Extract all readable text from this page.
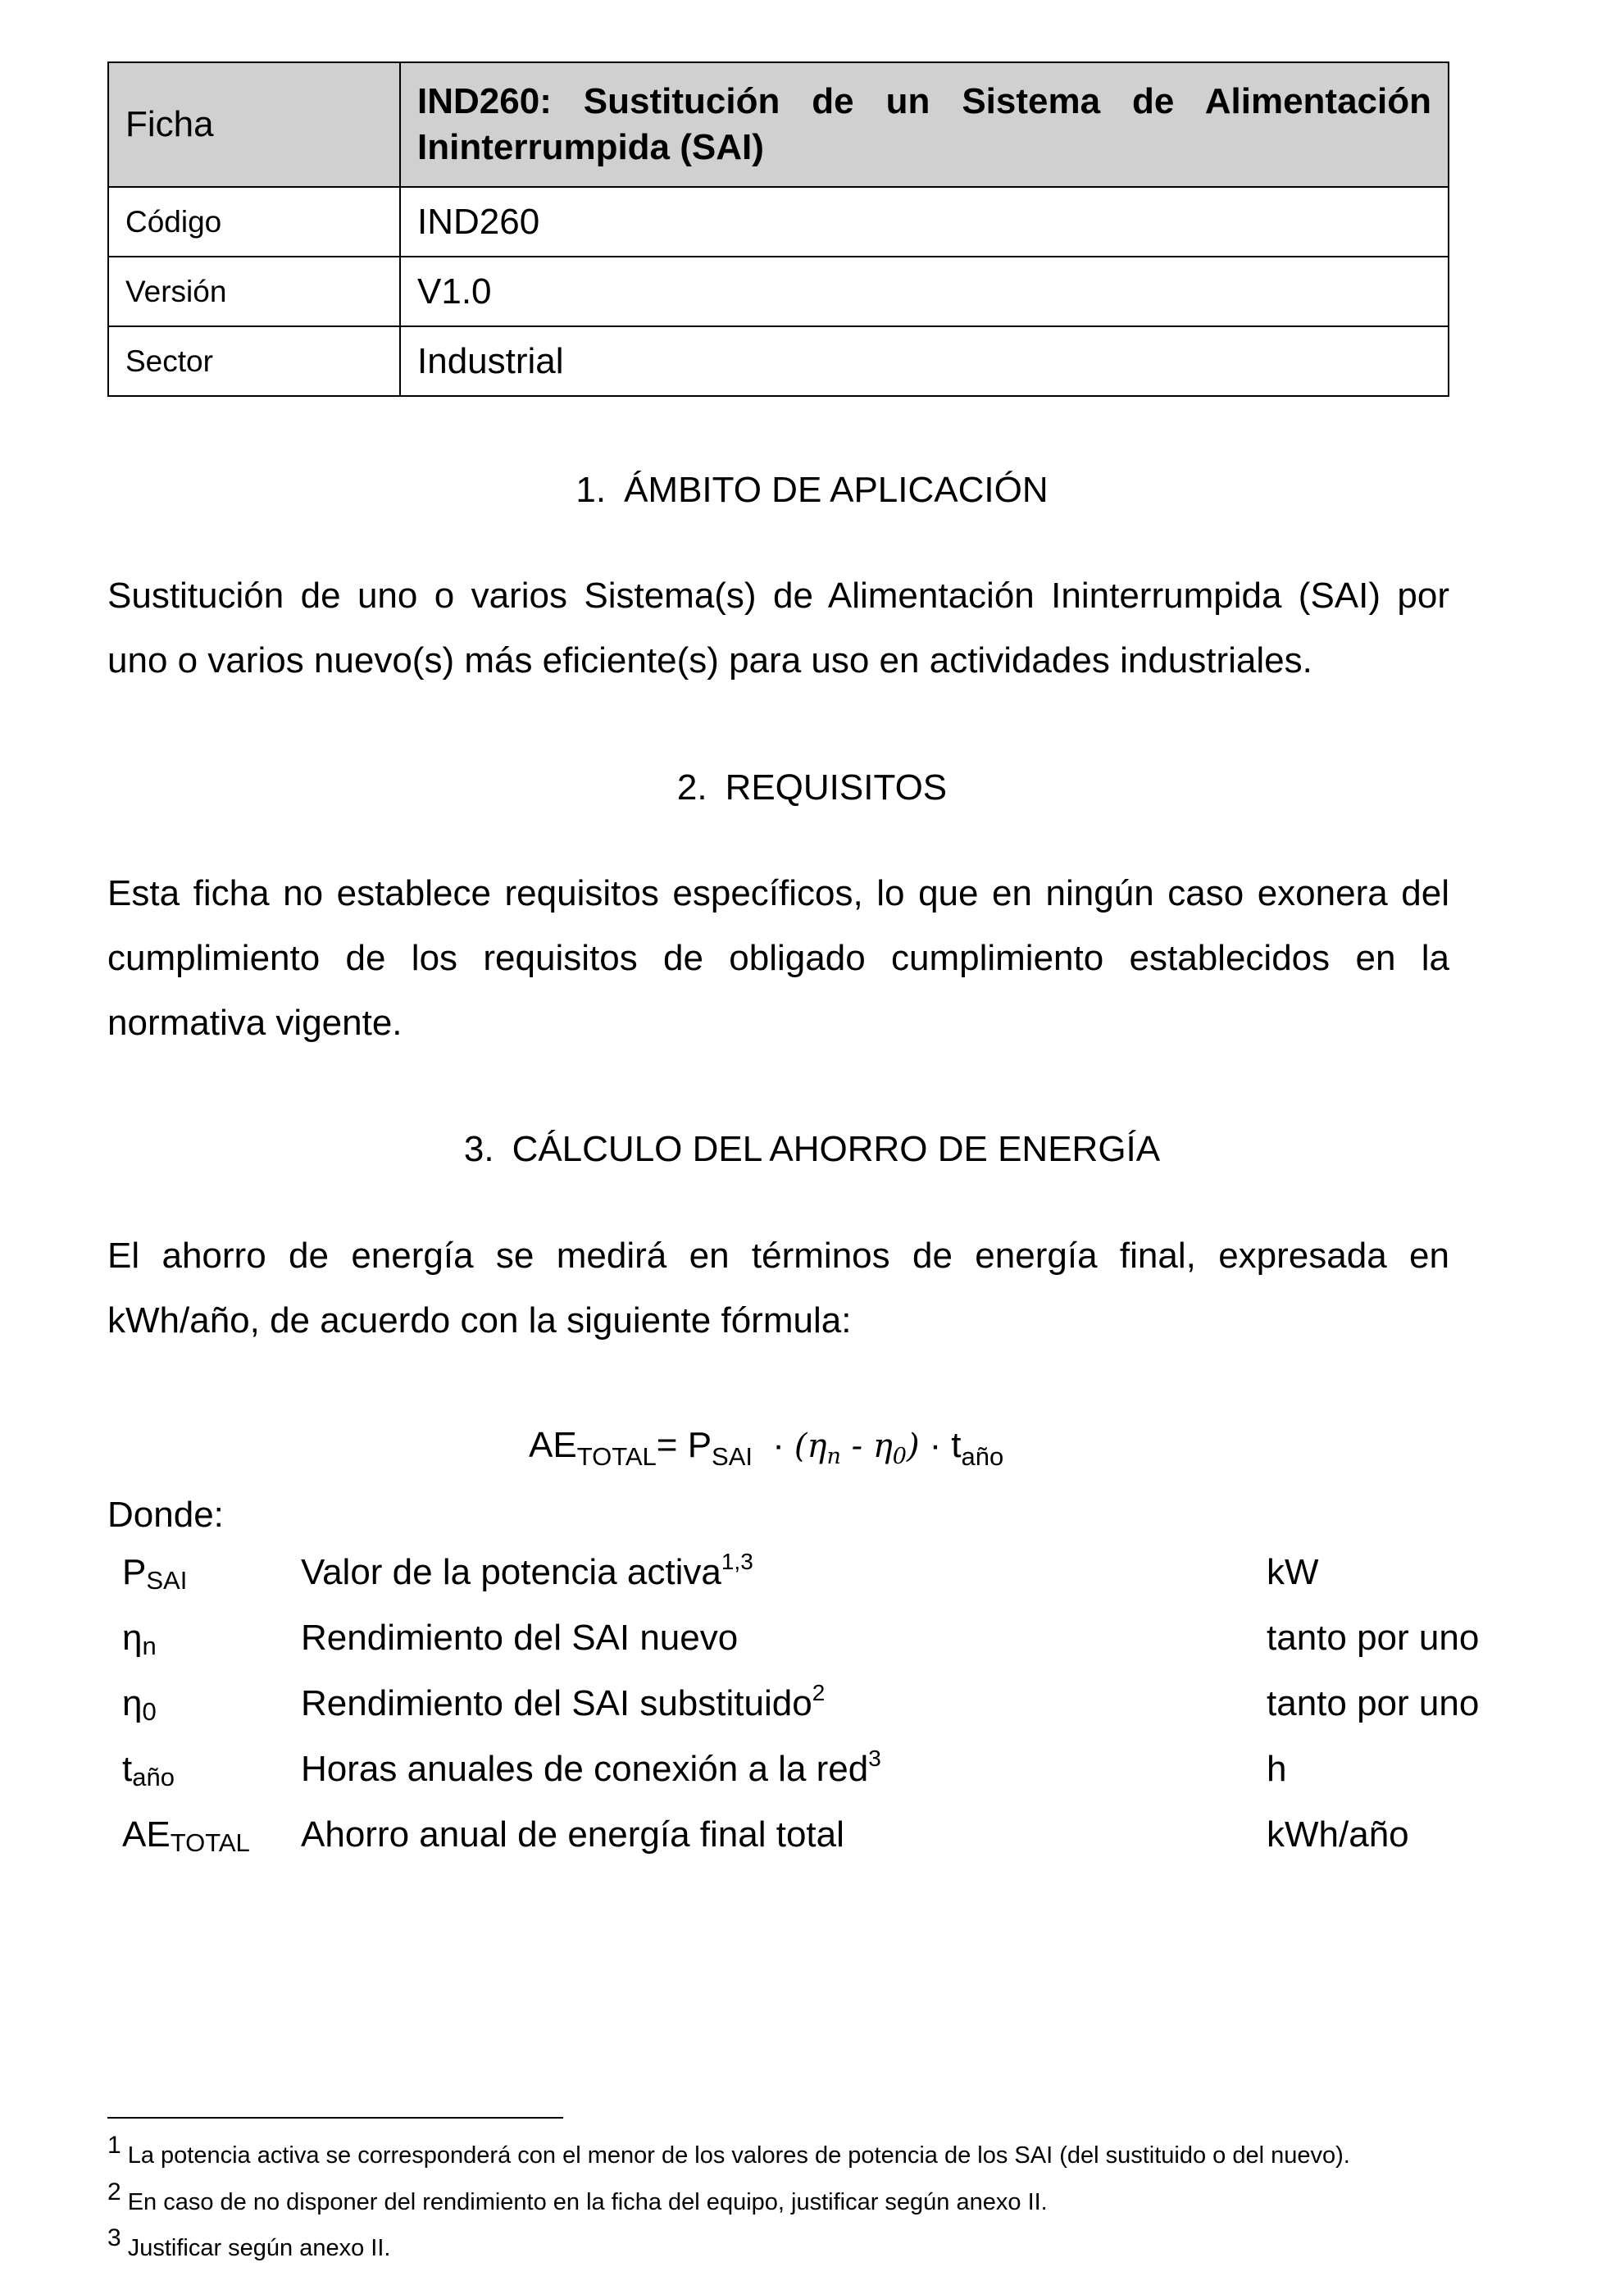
Ficha	IND260: Sustitución de un Sistema de Alimentación Ininterrumpida (SAI)
Código	IND260
Versión	V1.0
Sector	Industrial
1. ÁMBITO DE APLICACIÓN
Sustitución de uno o varios Sistema(s) de Alimentación Ininterrumpida (SAI) por uno o varios nuevo(s) más eficiente(s) para uso en actividades industriales.
2. REQUISITOS
Esta ficha no establece requisitos específicos, lo que en ningún caso exonera del cumplimiento de los requisitos de obligado cumplimiento establecidos en la normativa vigente.
3. CÁLCULO DEL AHORRO DE ENERGÍA
El ahorro de energía se medirá en términos de energía final, expresada en kWh/año, de acuerdo con la siguiente fórmula:
$AE_{TOTAL}= P_{SAI} \cdot (\eta_n - \eta_0) \cdot t_{año}$
Donde:
PSAI	Valor de la potencia activa$^{1,3}$	kW
ηn	Rendimiento del SAI nuevo	tanto por uno
η0	Rendimiento del SAI substituido$^2$	tanto por uno
taño	Horas anuales de conexión a la red$^3$	h
AETOTAL Ahorro anual de energía final total	kWh/año
1 La potencia activa se corresponderá con el menor de los valores de potencia de los SAI (del sustituido o del nuevo).
2 En caso de no disponer del rendimiento en la ficha del equipo, justificar según anexo II.
3 Justificar según anexo II.
